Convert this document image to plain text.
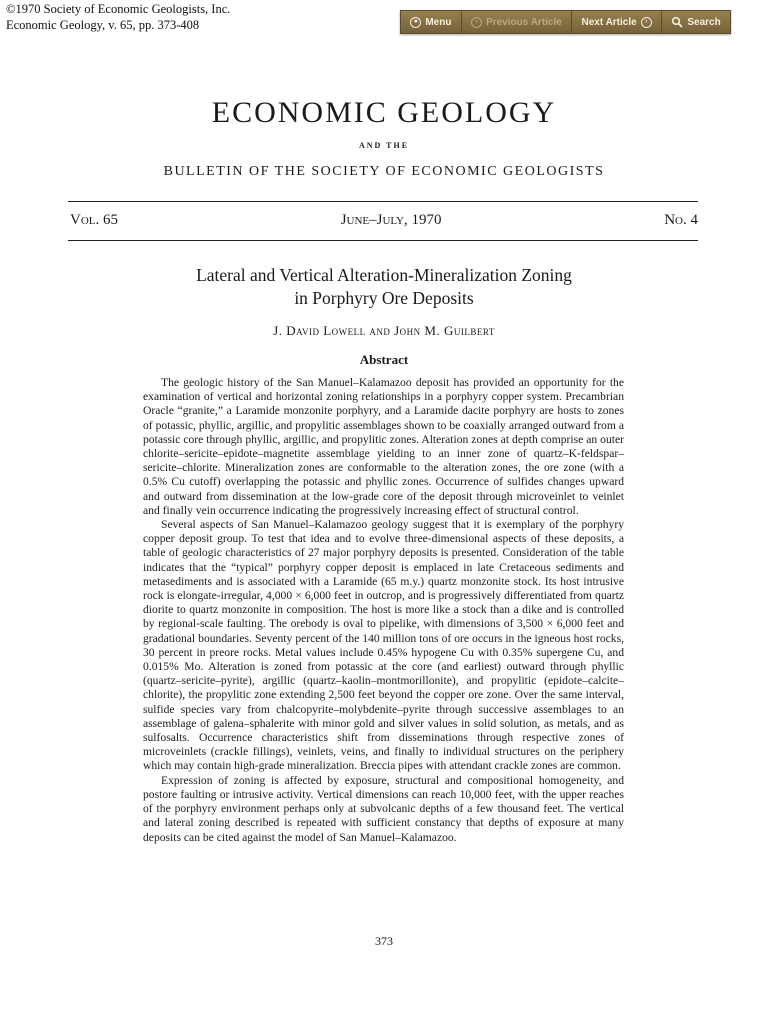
©1970 Society of Economic Geologists, Inc.
Economic Geology, v. 65, pp. 373-408	● Menu	‹ Previous Article Next Article	›	Search
ECONOMIC GEOLOGY
AND THE
BULLETIN OF THE SOCIETY OF ECONOMIC GEOLOGISTS
Vol. 65	June–July, 1970	No. 4
Lateral and Vertical Alteration-Mineralization Zoning
in Porphyry Ore Deposits
J. David Lowell and John M. Guilbert
Abstract

The geologic history of the San Manuel–Kalamazoo deposit has provided an opportunity for the examination of vertical and horizontal zoning relationships in a porphyry copper system. Precambrian Oracle “granite,” a Laramide monzonite porphyry, and a Laramide dacite porphyry are hosts to zones of potassic, phyllic, argillic, and propylitic assemblages shown to be coaxially arranged outward from a potassic core through phyllic, argillic, and propylitic zones. Alteration zones at depth comprise an outer chlorite–sericite–epidote–magnetite assemblage yielding to an inner zone of quartz–K-feldspar–sericite–chlorite. Mineralization zones are conformable to the alteration zones, the ore zone (with a 0.5% Cu cutoff) overlapping the potassic and phyllic zones. Occurrence of sulfides changes upward and outward from dissemination at the low-grade core of the deposit through microveinlet to veinlet and finally vein occurrence indicating the progressively increasing effect of structural control.

Several aspects of San Manuel–Kalamazoo geology suggest that it is exemplary of the porphyry copper deposit group. To test that idea and to evolve three-dimensional aspects of these deposits, a table of geologic characteristics of 27 major porphyry deposits is presented. Consideration of the table indicates that the “typical” porphyry copper deposit is emplaced in late Cretaceous sediments and metasediments and is associated with a Laramide (65 m.y.) quartz monzonite stock. Its host intrusive rock is elongate-irregular, 4,000 × 6,000 feet in outcrop, and is progressively differentiated from quartz diorite to quartz monzonite in composition. The host is more like a stock than a dike and is controlled by regional-scale faulting. The orebody is oval to pipelike, with dimensions of 3,500 × 6,000 feet and gradational boundaries. Seventy percent of the 140 million tons of ore occurs in the igneous host rocks, 30 percent in preore rocks. Metal values include 0.45% hypogene Cu with 0.35% supergene Cu, and 0.015% Mo. Alteration is zoned from potassic at the core (and earliest) outward through phyllic (quartz–sericite–pyrite), argillic (quartz–kaolin–montmorillonite), and propylitic (epidote–calcite–chlorite), the propylitic zone extending 2,500 feet beyond the copper ore zone. Over the same interval, sulfide species vary from chalcopyrite–molybdenite–pyrite through successive assemblages to an assemblage of galena–sphalerite with minor gold and silver values in solid solution, as metals, and as sulfosalts. Occurrence characteristics shift from disseminations through respective zones of microveinlets (crackle fillings), veinlets, veins, and finally to individual structures on the periphery which may contain high-grade mineralization. Breccia pipes with attendant crackle zones are common.

Expression of zoning is affected by exposure, structural and compositional homogeneity, and postore faulting or intrusive activity. Vertical dimensions can reach 10,000 feet, with the upper reaches of the porphyry environment perhaps only at subvolcanic depths of a few thousand feet. The vertical and lateral zoning described is repeated with sufficient constancy that depths of exposure at many deposits can be cited against the model of San Manuel–Kalamazoo.

373
